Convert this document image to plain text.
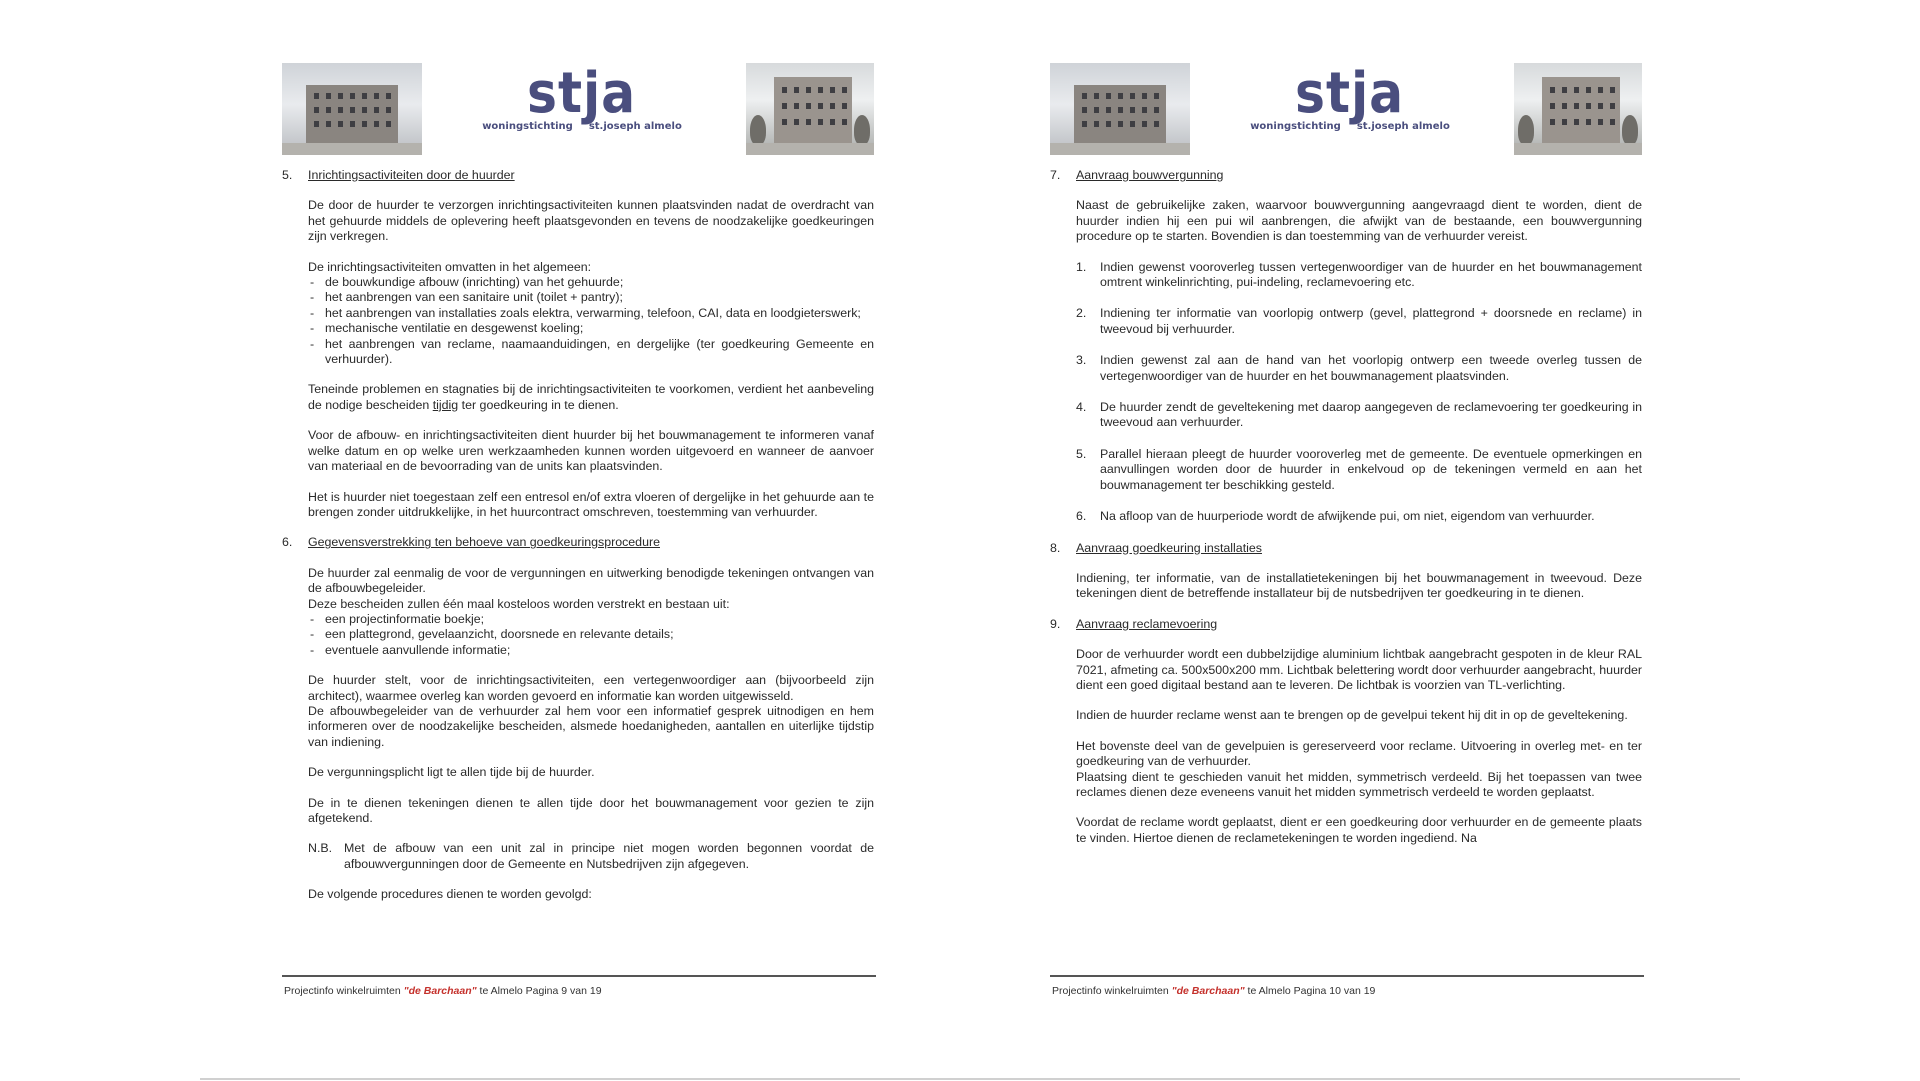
stja
woningstichting st.joseph almelo
5. Inrichtingsactiviteiten door de huurder

De door de huurder te verzorgen inrichtingsactiviteiten kunnen plaatsvinden nadat de overdracht van het gehuurde middels de oplevering heeft plaatsgevonden en tevens de noodzakelijke goedkeuringen zijn verkregen.

De inrichtingsactiviteiten omvatten in het algemeen:

- de bouwkundige afbouw (inrichting) van het gehuurde;
- het aanbrengen van een sanitaire unit (toilet + pantry);
- het aanbrengen van installaties zoals elektra, verwarming, telefoon, CAI, data en loodgieterswerk;
- mechanische ventilatie en desgewenst koeling;
- het aanbrengen van reclame, naamaanduidingen, en dergelijke (ter goedkeuring Gemeente en verhuurder).

Teneinde problemen en stagnaties bij de inrichtingsactiviteiten te voorkomen, verdient het aanbeveling de nodige bescheiden tijdig ter goedkeuring in te dienen.

Voor de afbouw- en inrichtingsactiviteiten dient huurder bij het bouwmanagement te informeren vanaf welke datum en op welke uren werkzaamheden kunnen worden uitgevoerd en wanneer de aanvoer van materiaal en de bevoorrading van de units kan plaatsvinden.

Het is huurder niet toegestaan zelf een entresol en/of extra vloeren of dergelijke in het gehuurde aan te brengen zonder uitdrukkelijke, in het huurcontract omschreven, toestemming van verhuurder.

6. Gegevensverstrekking ten behoeve van goedkeuringsprocedure

De huurder zal eenmalig de voor de vergunningen en uitwerking benodigde tekeningen ontvangen van de afbouwbegeleider.

Deze bescheiden zullen één maal kosteloos worden verstrekt en bestaan uit:

- een projectinformatie boekje;
- een plattegrond, gevelaanzicht, doorsnede en relevante details;
- eventuele aanvullende informatie;

De huurder stelt, voor de inrichtingsactiviteiten, een vertegenwoordiger aan (bijvoorbeeld zijn architect), waarmee overleg kan worden gevoerd en informatie kan worden uitgewisseld.

De afbouwbegeleider van de verhuurder zal hem voor een informatief gesprek uitnodigen en hem informeren over de noodzakelijke bescheiden, alsmede hoedanigheden, aantallen en uiterlijke tijdstip van indiening.

De vergunningsplicht ligt te allen tijde bij de huurder.

De in te dienen tekeningen dienen te allen tijde door het bouwmanagement voor gezien te zijn afgetekend.

N.B. Met de afbouw van een unit zal in principe niet mogen worden begonnen voordat de afbouwvergunningen door de Gemeente en Nutsbedrijven zijn afgegeven.

De volgende procedures dienen te worden gevolgd:

Projectinfo winkelruimten "de Barchaan" te Almelo Pagina 9 van 19
stja
woningstichting st.joseph almelo
7. Aanvraag bouwvergunning

Naast de gebruikelijke zaken, waarvoor bouwvergunning aangevraagd dient te worden, dient de huurder indien hij een pui wil aanbrengen, die afwijkt van de bestaande, een bouwvergunning procedure op te starten. Bovendien is dan toestemming van de verhuurder vereist.

1. Indien gewenst vooroverleg tussen vertegenwoordiger van de huurder en het bouwmanagement omtrent winkelinrichting, pui-indeling, reclamevoering etc.
2. Indiening ter informatie van voorlopig ontwerp (gevel, plattegrond + doorsnede en reclame) in tweevoud bij verhuurder.
3. Indien gewenst zal aan de hand van het voorlopig ontwerp een tweede overleg tussen de vertegenwoordiger van de huurder en het bouwmanagement plaatsvinden.
4. De huurder zendt de geveltekening met daarop aangegeven de reclamevoering ter goedkeuring in tweevoud aan verhuurder.
5. Parallel hieraan pleegt de huurder vooroverleg met de gemeente. De eventuele opmerkingen en aanvullingen worden door de huurder in enkelvoud op de tekeningen vermeld en aan het bouwmanagement ter beschikking gesteld.
6. Na afloop van de huurperiode wordt de afwijkende pui, om niet, eigendom van verhuurder.
8. Aanvraag goedkeuring installaties

Indiening, ter informatie, van de installatietekeningen bij het bouwmanagement in tweevoud. Deze tekeningen dient de betreffende installateur bij de nutsbedrijven ter goedkeuring in te dienen.

9. Aanvraag reclamevoering

Door de verhuurder wordt een dubbelzijdige aluminium lichtbak aangebracht gespoten in de kleur RAL 7021, afmeting ca. 500x500x200 mm. Lichtbak belettering wordt door verhuurder aangebracht, huurder dient een goed digitaal bestand aan te leveren. De lichtbak is voorzien van TL-verlichting.

Indien de huurder reclame wenst aan te brengen op de gevelpui tekent hij dit in op de geveltekening.

Het bovenste deel van de gevelpuien is gereserveerd voor reclame. Uitvoering in overleg met- en ter goedkeuring van de verhuurder.

Plaatsing dient te geschieden vanuit het midden, symmetrisch verdeeld. Bij het toepassen van twee reclames dienen deze eveneens vanuit het midden symmetrisch verdeeld te worden geplaatst.

Voordat de reclame wordt geplaatst, dient er een goedkeuring door verhuurder en de gemeente plaats te vinden. Hiertoe dienen de reclametekeningen te worden ingediend. Na

Projectinfo winkelruimten "de Barchaan" te Almelo Pagina 10 van 19
